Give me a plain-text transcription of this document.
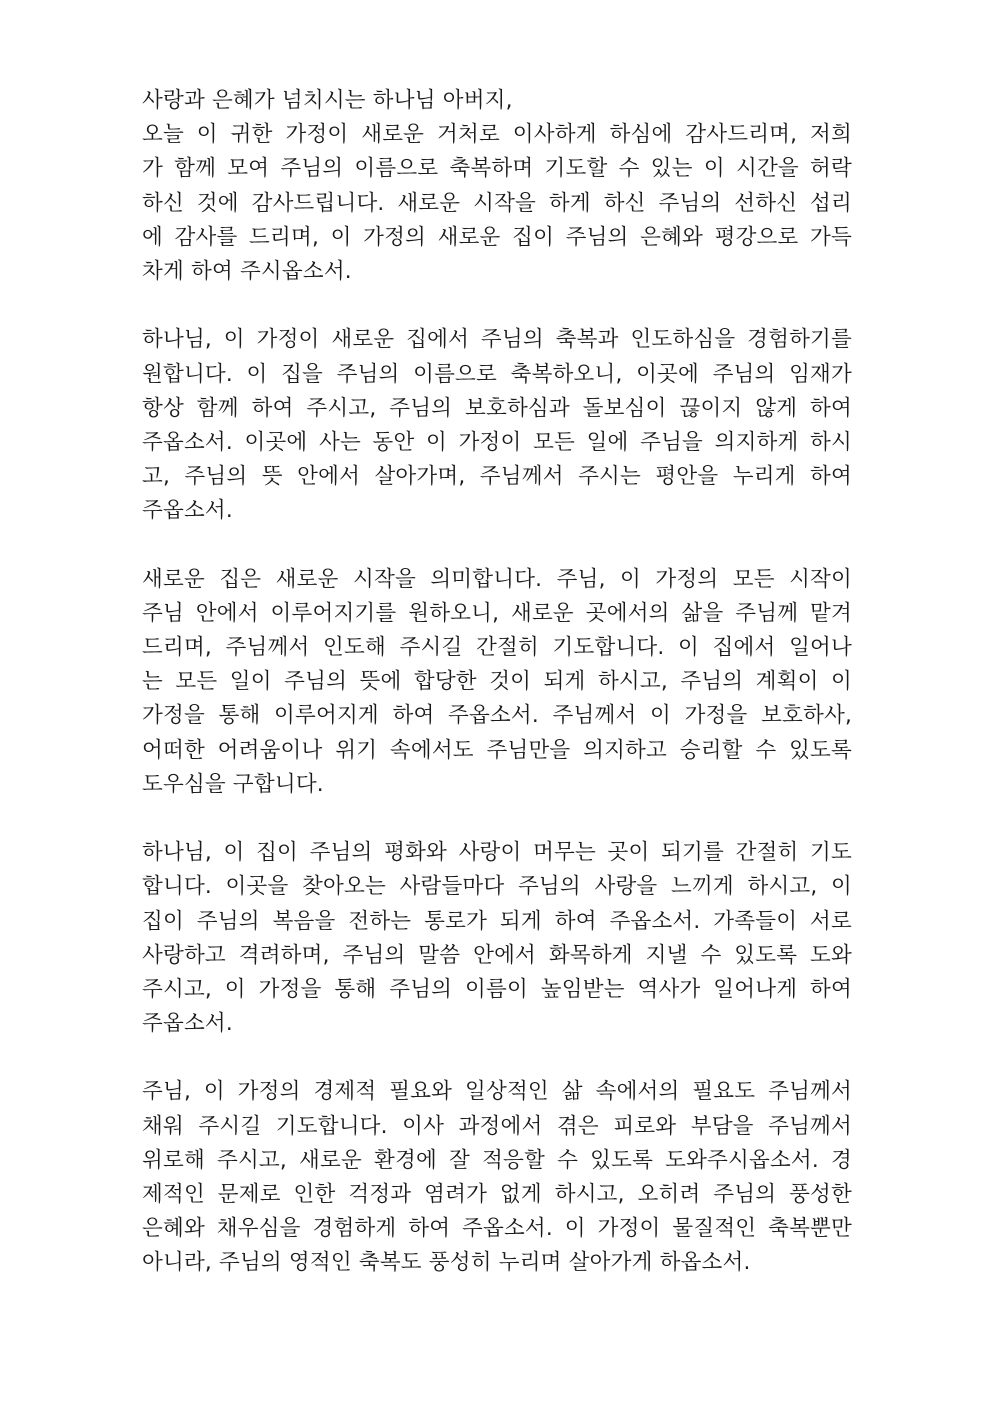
사랑과 은혜가 넘치시는 하나님 아버지,
오늘 이 귀한 가정이 새로운 거처로 이사하게 하심에 감사드리며, 저희
가 함께 모여 주님의 이름으로 축복하며 기도할 수 있는 이 시간을 허락
하신 것에 감사드립니다. 새로운 시작을 하게 하신 주님의 선하신 섭리
에 감사를 드리며, 이 가정의 새로운 집이 주님의 은혜와 평강으로 가득
차게 하여 주시옵소서.
하나님, 이 가정이 새로운 집에서 주님의 축복과 인도하심을 경험하기를
원합니다. 이 집을 주님의 이름으로 축복하오니, 이곳에 주님의 임재가
항상 함께 하여 주시고, 주님의 보호하심과 돌보심이 끊이지 않게 하여
주옵소서. 이곳에 사는 동안 이 가정이 모든 일에 주님을 의지하게 하시
고, 주님의 뜻 안에서 살아가며, 주님께서 주시는 평안을 누리게 하여
주옵소서.
새로운 집은 새로운 시작을 의미합니다. 주님, 이 가정의 모든 시작이
주님 안에서 이루어지기를 원하오니, 새로운 곳에서의 삶을 주님께 맡겨
드리며, 주님께서 인도해 주시길 간절히 기도합니다. 이 집에서 일어나
는 모든 일이 주님의 뜻에 합당한 것이 되게 하시고, 주님의 계획이 이
가정을 통해 이루어지게 하여 주옵소서. 주님께서 이 가정을 보호하사,
어떠한 어려움이나 위기 속에서도 주님만을 의지하고 승리할 수 있도록
도우심을 구합니다.
하나님, 이 집이 주님의 평화와 사랑이 머무는 곳이 되기를 간절히 기도
합니다. 이곳을 찾아오는 사람들마다 주님의 사랑을 느끼게 하시고, 이
집이 주님의 복음을 전하는 통로가 되게 하여 주옵소서. 가족들이 서로
사랑하고 격려하며, 주님의 말씀 안에서 화목하게 지낼 수 있도록 도와
주시고, 이 가정을 통해 주님의 이름이 높임받는 역사가 일어나게 하여
주옵소서.
주님, 이 가정의 경제적 필요와 일상적인 삶 속에서의 필요도 주님께서
채워 주시길 기도합니다. 이사 과정에서 겪은 피로와 부담을 주님께서
위로해 주시고, 새로운 환경에 잘 적응할 수 있도록 도와주시옵소서. 경
제적인 문제로 인한 걱정과 염려가 없게 하시고, 오히려 주님의 풍성한
은혜와 채우심을 경험하게 하여 주옵소서. 이 가정이 물질적인 축복뿐만
아니라, 주님의 영적인 축복도 풍성히 누리며 살아가게 하옵소서.
